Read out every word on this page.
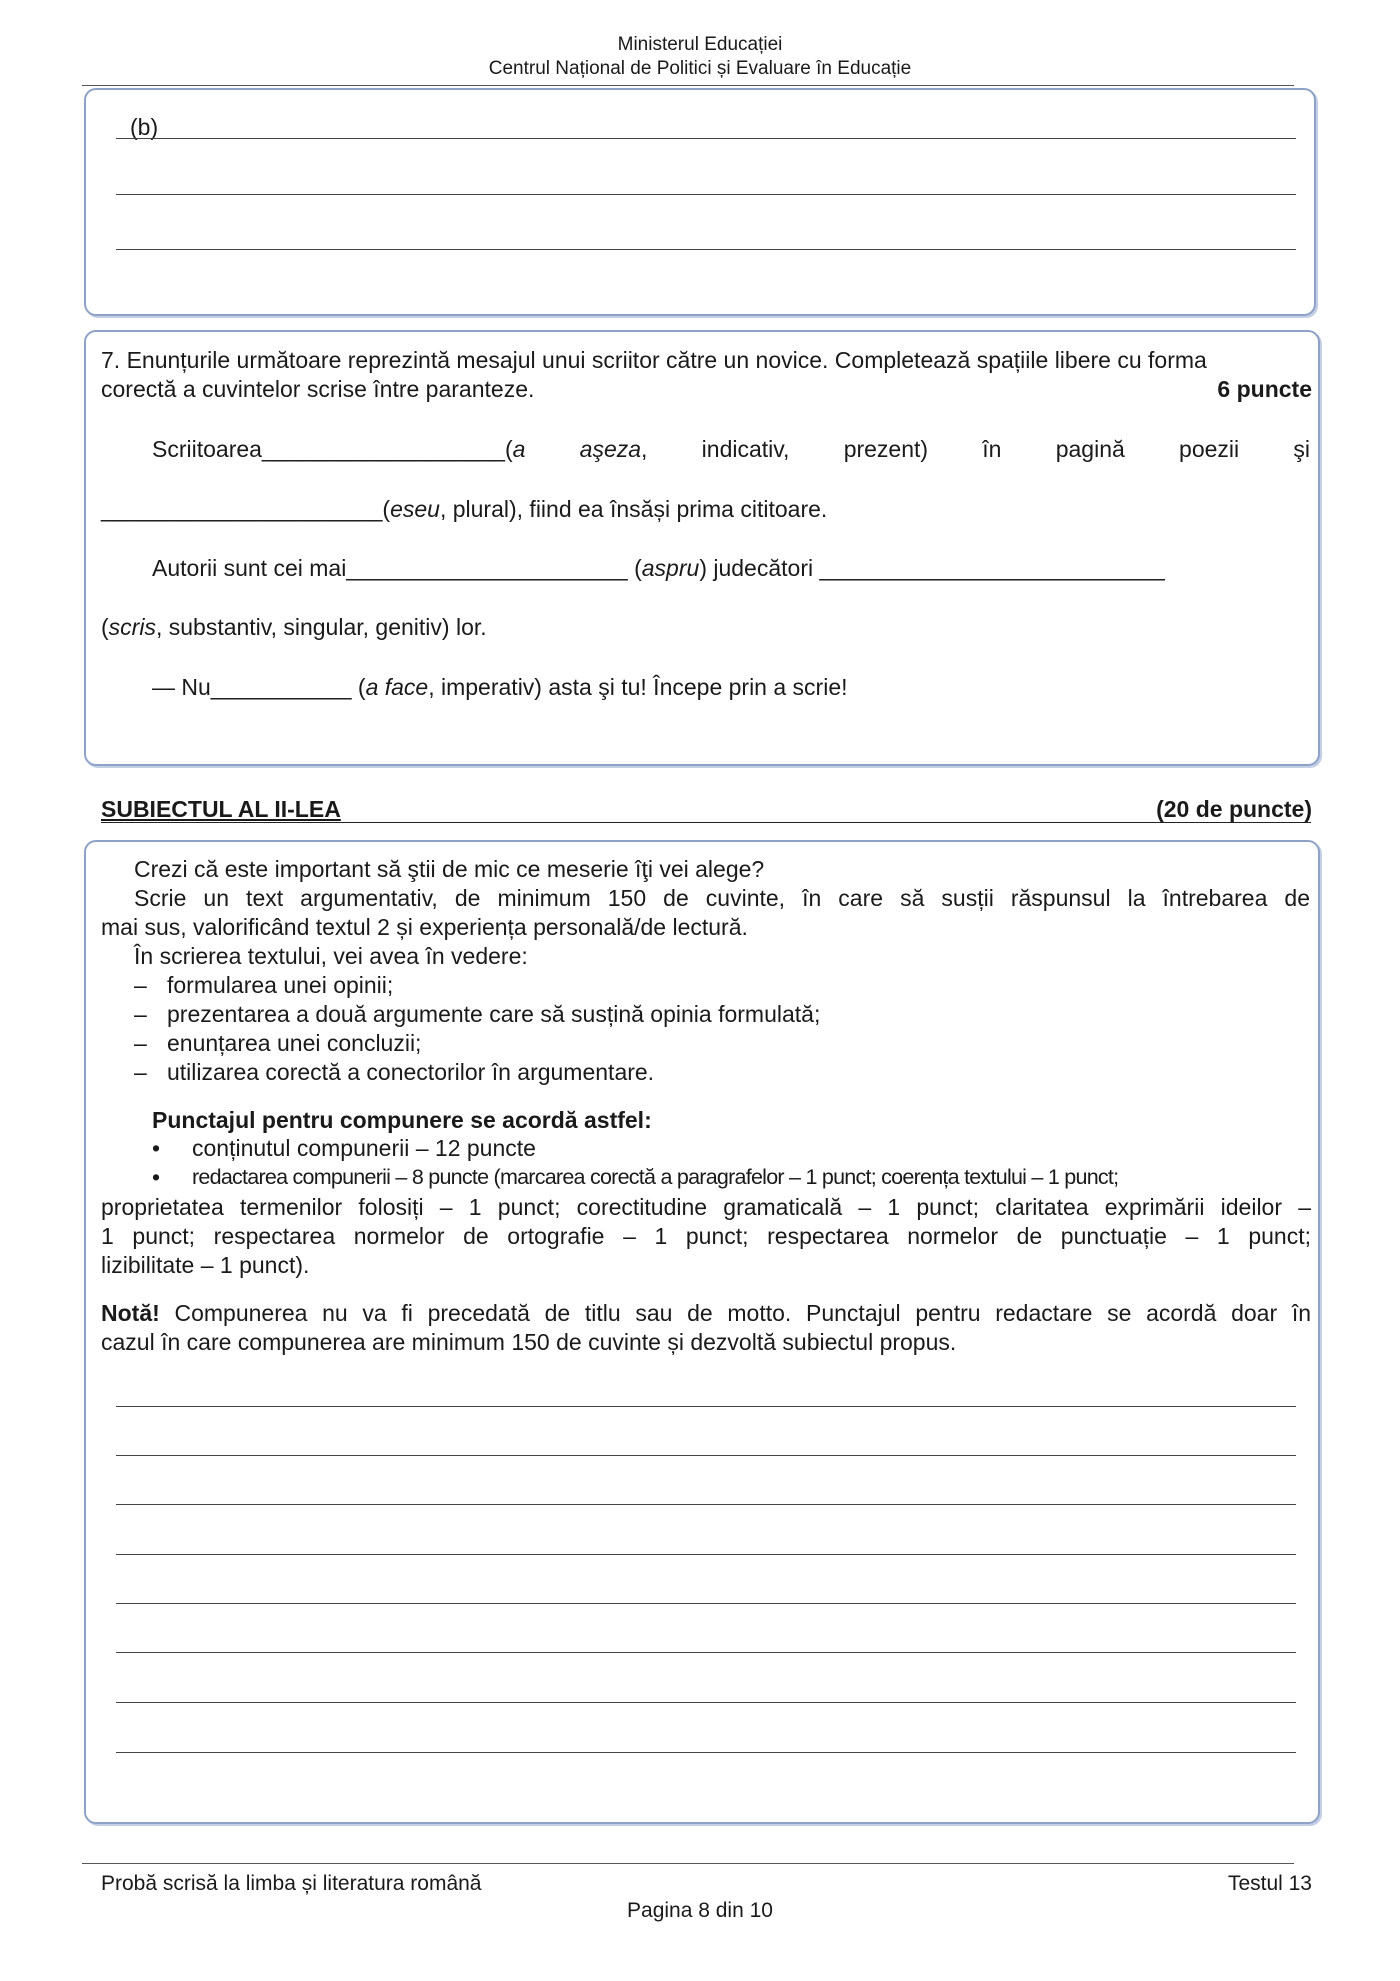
Ministerul Educației
Centrul Național de Politici și Evaluare în Educație
(b)
7. Enunțurile următoare reprezintă mesajul unui scriitor către un novice. Completează spațiile libere cu forma
corectă a cuvintelor scrise între paranteze.	6 puncte
Scriitoarea___________________(a aşeza, indicativ, prezent) în pagină poezii şi
______________________(eseu, plural), fiind ea însăși prima cititoare.
Autorii sunt cei mai______________________ (aspru) judecători ___________________________
(scris, substantiv, singular, genitiv) lor.
— Nu___________ (a face, imperativ) asta şi tu! Începe prin a scrie!
SUBIECTUL AL II-LEA	(20 de puncte)
Crezi că este important să ştii de mic ce meserie îţi vei alege?
Scrie un text argumentativ, de minimum 150 de cuvinte, în care să susții răspunsul la întrebarea de
mai sus, valorificând textul 2 și experiența personală/de lectură.
În scrierea textului, vei avea în vedere:
– formularea unei opinii;
– prezentarea a două argumente care să susțină opinia formulată;
– enunțarea unei concluzii;
– utilizarea corectă a conectorilor în argumentare.
Punctajul pentru compunere se acordă astfel:
• conținutul compunerii – 12 puncte
• redactarea compunerii – 8 puncte (marcarea corectă a paragrafelor – 1 punct; coerența textului – 1 punct;
proprietatea termenilor folosiți – 1 punct; corectitudine gramaticală – 1 punct; claritatea exprimării ideilor –
1 punct; respectarea normelor de ortografie – 1 punct; respectarea normelor de punctuație – 1 punct;
lizibilitate – 1 punct).
Notă! Compunerea nu va fi precedată de titlu sau de motto. Punctajul pentru redactare se acordă doar în
cazul în care compunerea are minimum 150 de cuvinte și dezvoltă subiectul propus.
Probă scrisă la limba și literatura română	Testul 13
Pagina 8 din 10
